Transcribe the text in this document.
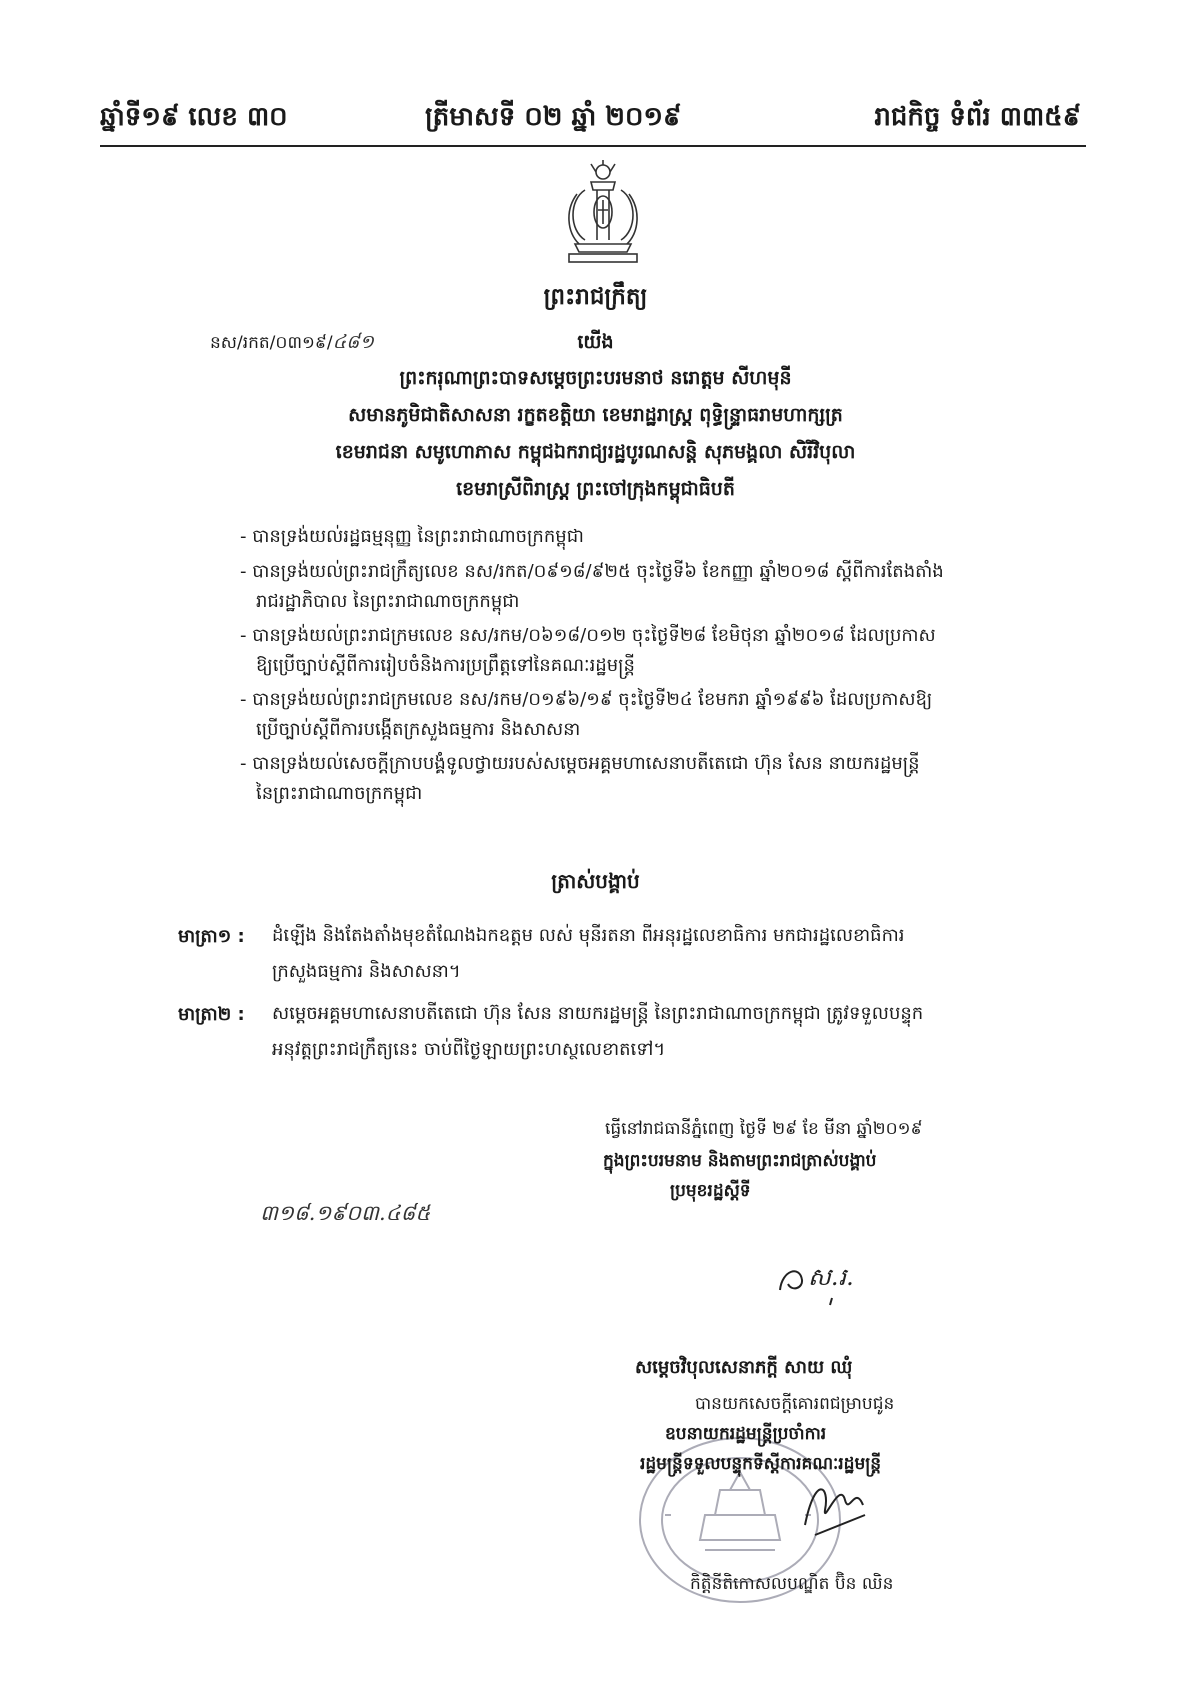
ឆ្នាំទី១៩ លេខ ៣០	ត្រីមាសទី ០២ ឆ្នាំ ២០១៩	រាជកិច្ច ទំព័រ ៣៣៥៩
ព្រះរាជក្រឹត្យ
នស/រកត/០៣១៩/៤៨១	យើង
ព្រះករុណាព្រះបាទសម្តេចព្រះបរមនាថ នរោត្តម សីហមុនី
សមានភូមិជាតិសាសនា រក្ខតខត្តិយា ខេមរាដ្ឋរាស្ត្រ ពុទ្ធិន្ទ្រាធរាមហាក្សត្រ
ខេមរាជនា សមូហោភាស កម្ពុជឯករាជ្យរដ្ឋបូរណសន្តិ សុភមង្គលា សិរីវិបុលា
ខេមរាស្រីពិរាស្ត្រ ព្រះចៅក្រុងកម្ពុជាធិបតី
- បានទ្រង់យល់រដ្ឋធម្មនុញ្ញ នៃព្រះរាជាណាចក្រកម្ពុជា
- បានទ្រង់យល់ព្រះរាជក្រឹត្យលេខ នស/រកត/០៩១៨/៩២៥ ចុះថ្ងៃទី៦ ខែកញ្ញា ឆ្នាំ២០១៨ ស្តីពីការតែងតាំង
រាជរដ្ឋាភិបាល នៃព្រះរាជាណាចក្រកម្ពុជា
- បានទ្រង់យល់ព្រះរាជក្រមលេខ នស/រកម/០៦១៨/០១២ ចុះថ្ងៃទី២៨ ខែមិថុនា ឆ្នាំ២០១៨ ដែលប្រកាស
ឱ្យប្រើច្បាប់ស្តីពីការរៀបចំនិងការប្រព្រឹត្តទៅនៃគណៈរដ្ឋមន្ត្រី
- បានទ្រង់យល់ព្រះរាជក្រមលេខ នស/រកម/០១៩៦/១៩ ចុះថ្ងៃទី២៤ ខែមករា ឆ្នាំ១៩៩៦ ដែលប្រកាសឱ្យ
ប្រើច្បាប់ស្តីពីការបង្កើតក្រសួងធម្មការ និងសាសនា
- បានទ្រង់យល់សេចក្តីក្រាបបង្គំទូលថ្វាយរបស់សម្តេចអគ្គមហាសេនាបតីតេជោ ហ៊ុន សែន នាយករដ្ឋមន្ត្រី
នៃព្រះរាជាណាចក្រកម្ពុជា
ត្រាស់បង្គាប់
មាត្រា១ : ដំឡើង និងតែងតាំងមុខតំណែងឯកឧត្តម លស់ មុនីរតនា ពីអនុរដ្ឋលេខាធិការ មកជារដ្ឋលេខាធិការ
ក្រសួងធម្មការ និងសាសនា។
មាត្រា២ : សម្តេចអគ្គមហាសេនាបតីតេជោ ហ៊ុន សែន នាយករដ្ឋមន្ត្រី នៃព្រះរាជាណាចក្រកម្ពុជា ត្រូវទទួលបន្ទុក
អនុវត្តព្រះរាជក្រឹត្យនេះ ចាប់ពីថ្ងៃឡាយព្រះហស្ថលេខាតទៅ។
ធ្វើនៅរាជធានីភ្នំពេញ ថ្ងៃទី ២៩ ខែ មីនា ឆ្នាំ២០១៩
ក្នុងព្រះបរមនាម និងតាមព្រះរាជត្រាស់បង្គាប់
ប្រមុខរដ្ឋស្តីទី
៣១៨.១៩០៣.៤៨៥
ស.រ.
សម្តេចវិបុលសេនាភក្តី សាយ ឈុំ
បានយកសេចក្តីគោរពជម្រាបជូន
ឧបនាយករដ្ឋមន្ត្រីប្រចាំការ
រដ្ឋមន្ត្រីទទួលបន្ទុកទីស្តីការគណៈរដ្ឋមន្ត្រី
កិត្តិនីតិកោសលបណ្ឌិត ប៊ិន ឈិន
